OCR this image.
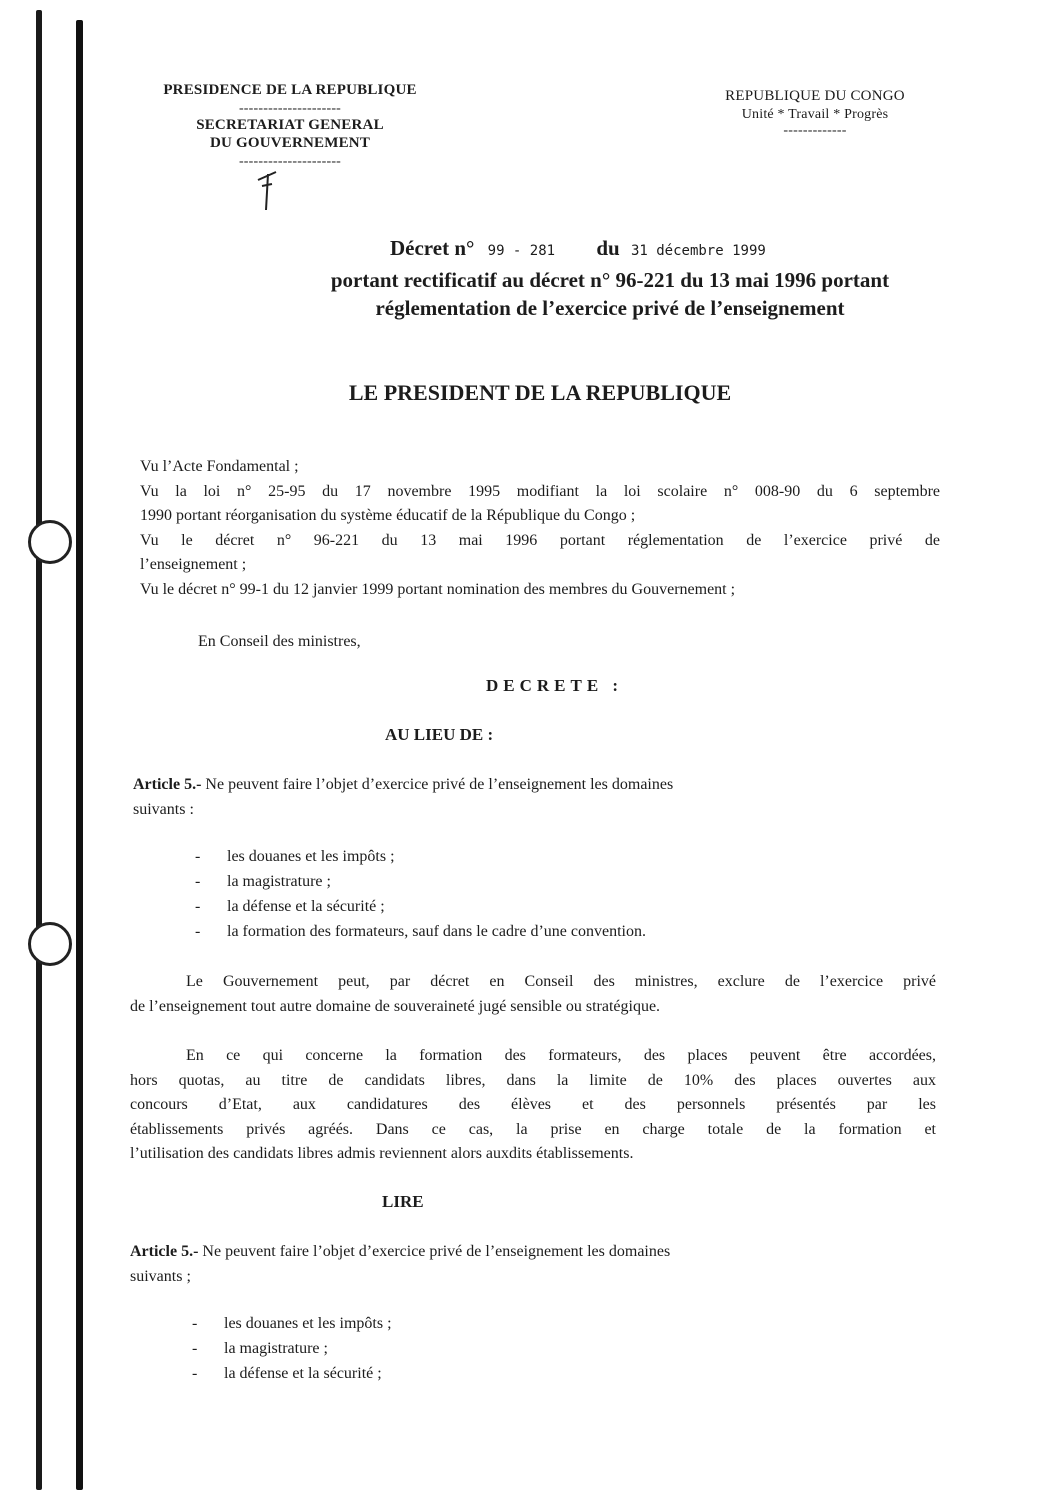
PRESIDENCE DE LA REPUBLIQUE
---------------------
SECRETARIAT GENERAL
DU GOUVERNEMENT
---------------------
REPUBLIQUE DU CONGO
Unité * Travail * Progrès
-------------
Décret n° 99 - 281 du 31 décembre 1999
portant rectificatif au décret n° 96-221 du 13 mai 1996 portant
réglementation de l’exercice privé de l’enseignement
LE PRESIDENT DE LA REPUBLIQUE
Vu l’Acte Fondamental ;
Vu la loi n° 25-95 du 17 novembre 1995 modifiant la loi scolaire n° 008-90 du 6 septembre
1990 portant réorganisation du système éducatif de la République du Congo ;
Vu le décret n° 96-221 du 13 mai 1996 portant réglementation de l’exercice privé de
l’enseignement ;
Vu le décret n° 99-1 du 12 janvier 1999 portant nomination des membres du Gouvernement ;
En Conseil des ministres,
DECRETE :
AU LIEU DE :
Article 5.- Ne peuvent faire l’objet d’exercice privé de l’enseignement les domaines
suivants :
-	les douanes et les impôts ;
-	la magistrature ;
-	la défense et la sécurité ;
-	la formation des formateurs, sauf dans le cadre d’une convention.
Le Gouvernement peut, par décret en Conseil des ministres, exclure de l’exercice privé
de l’enseignement tout autre domaine de souveraineté jugé sensible ou stratégique.
En ce qui concerne la formation des formateurs, des places peuvent être accordées,
hors quotas, au titre de candidats libres, dans la limite de 10% des places ouvertes aux
concours d’Etat, aux candidatures des élèves et des personnels présentés par les
établissements privés agréés. Dans ce cas, la prise en charge totale de la formation et
l’utilisation des candidats libres admis reviennent alors auxdits établissements.
LIRE
Article 5.- Ne peuvent faire l’objet d’exercice privé de l’enseignement les domaines
suivants ;
-	les douanes et les impôts ;
-	la magistrature ;
-	la défense et la sécurité ;
